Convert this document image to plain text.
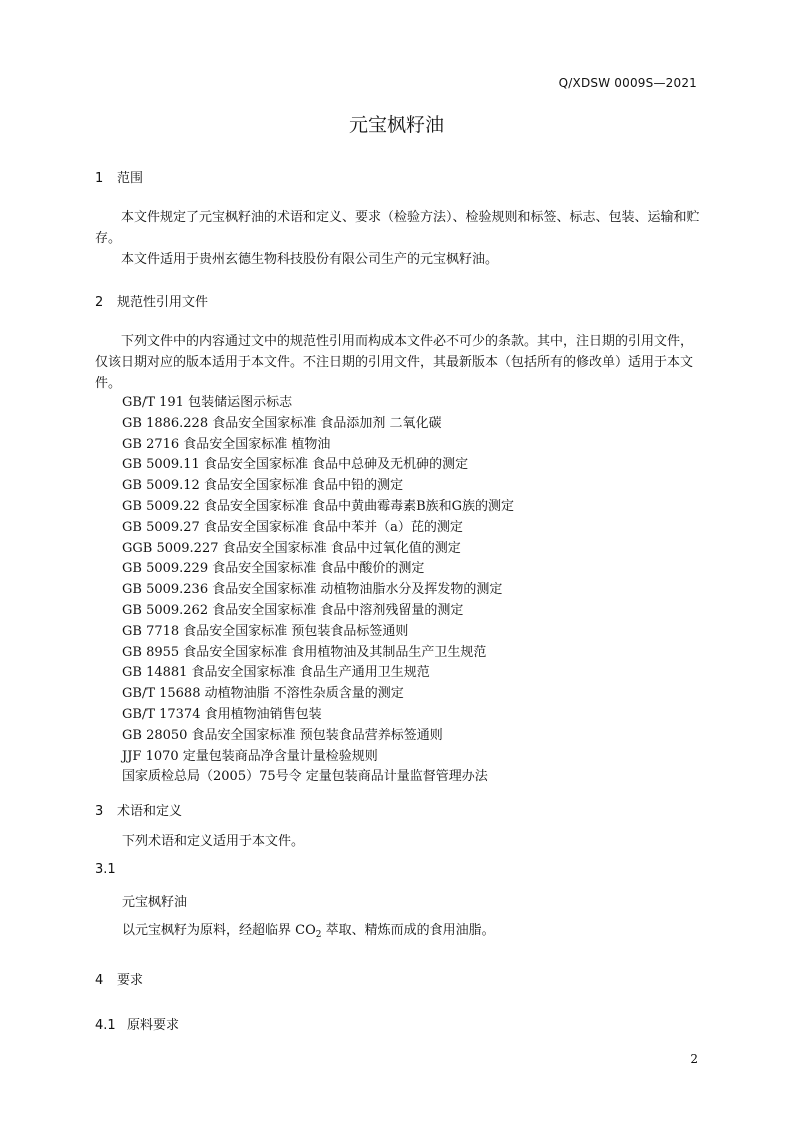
Q/XDSW 0009S—2021
元宝枫籽油
1 范围
本文件规定了元宝枫籽油的术语和定义、要求（检验方法）、检验规则和标签、标志、包装、运输和贮存。
本文件适用于贵州玄德生物科技股份有限公司生产的元宝枫籽油。
2 规范性引用文件
下列文件中的内容通过文中的规范性引用而构成本文件必不可少的条款。其中，注日期的引用文件，仅该日期对应的版本适用于本文件。不注日期的引用文件，其最新版本（包括所有的修改单）适用于本文件。
GB/T 191 包装储运图示标志
GB 1886.228 食品安全国家标准 食品添加剂 二氧化碳
GB 2716 食品安全国家标准 植物油
GB 5009.11 食品安全国家标准 食品中总砷及无机砷的测定
GB 5009.12 食品安全国家标准 食品中铅的测定
GB 5009.22 食品安全国家标准 食品中黄曲霉毒素B族和G族的测定
GB 5009.27 食品安全国家标准 食品中苯并（a）芘的测定
GGB 5009.227 食品安全国家标准 食品中过氧化值的测定
GB 5009.229 食品安全国家标准 食品中酸价的测定
GB 5009.236 食品安全国家标准 动植物油脂水分及挥发物的测定
GB 5009.262 食品安全国家标准 食品中溶剂残留量的测定
GB 7718 食品安全国家标准 预包装食品标签通则
GB 8955 食品安全国家标准 食用植物油及其制品生产卫生规范
GB 14881 食品安全国家标准 食品生产通用卫生规范
GB/T 15688 动植物油脂 不溶性杂质含量的测定
GB/T 17374 食用植物油销售包装
GB 28050 食品安全国家标准 预包装食品营养标签通则
JJF 1070 定量包装商品净含量计量检验规则
国家质检总局（2005）75号令 定量包装商品计量监督管理办法
3 术语和定义
下列术语和定义适用于本文件。
3.1
元宝枫籽油
以元宝枫籽为原料，经超临界 $CO_2$ 萃取、精炼而成的食用油脂。
4 要求
4.1 原料要求
2
